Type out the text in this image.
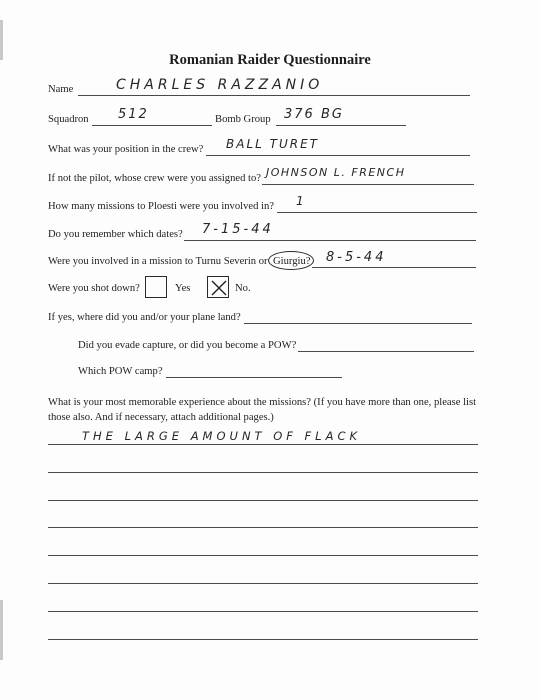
Romanian Raider Questionnaire
Name	CHARLES RAZZANIO
Squadron 512	Bomb Group 376 BG
What was your position in the crew? BALL TURET
If not the pilot, whose crew were you assigned to? JOHNSON L. FRENCH
How many missions to Ploesti were you involved in? 1
Do you remember which dates? 7-15-44
Were you involved in a mission to Turnu Severin or Giurgiu? 8-5-44
Were you shot down?	Yes	No.
If yes, where did you and/or your plane land?
Did you evade capture, or did you become a POW?
Which POW camp?
What is your most memorable experience about the missions? (If you have more than one, please list those also. And if necessary, attach additional pages.)
THE LARGE AMOUNT OF FLACK
